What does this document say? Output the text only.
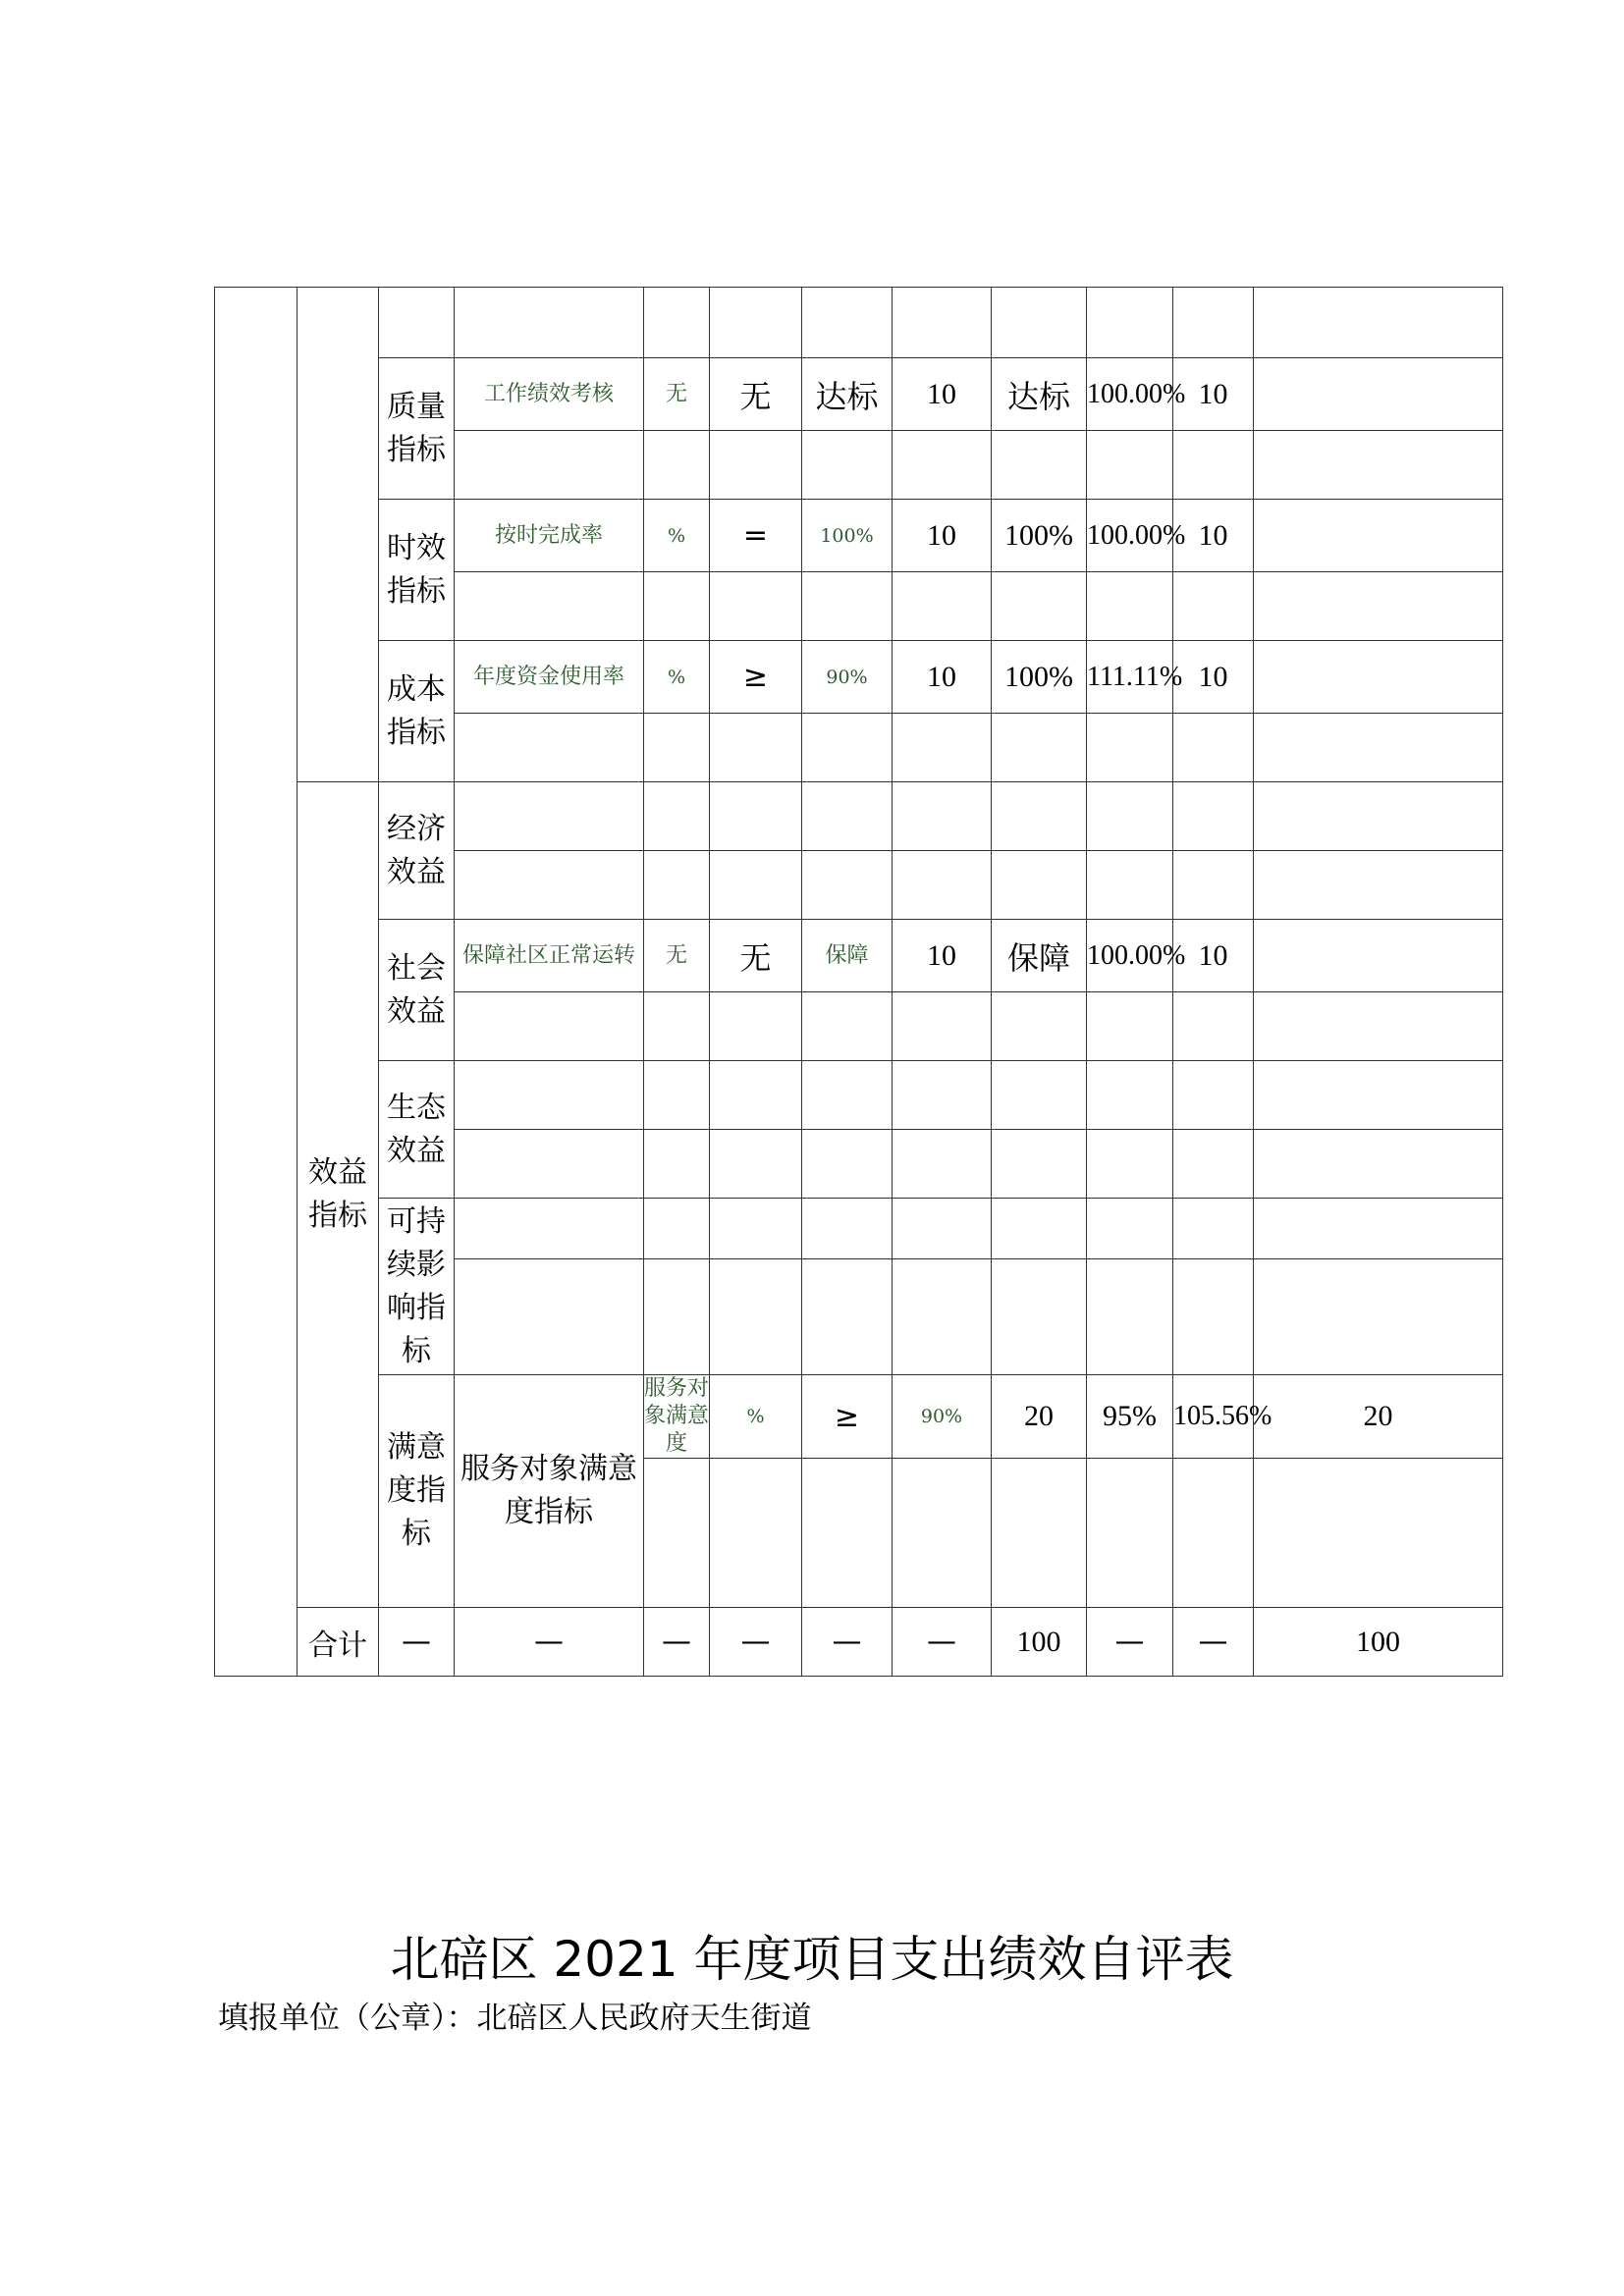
		质量指标	工作绩效考核	无	无	达标	10	达标	100.00%	10		

		时效指标	按时完成率	%	=	100%	10	100%	100.00%	10		

		成本指标	年度资金使用率	%	≥	90%	10	100%	111.11%	10		

	效益指标	经济效益										

		社会效益	保障社区正常运转	无	无	保障	10	保障	100.00%	10		

		生态效益										

		可持续影响指标										

		满意度指标	服务对象满意度指标	服务对象满意度	%	≥	90%	20	95%	105.56%	20	

	合计	—	—	—	—	—	—	100	—	—	100	
北碚区 2021 年度项目支出绩效自评表
填报单位（公章）：北碚区人民政府天生街道
